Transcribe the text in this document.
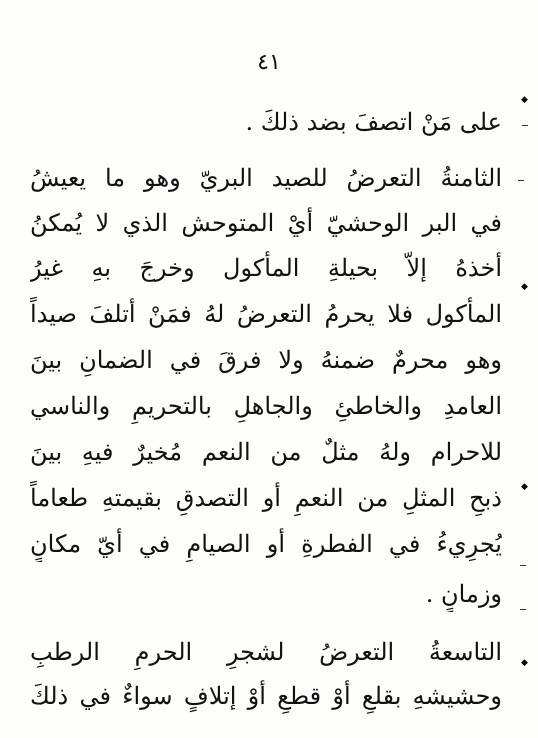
٤١
على مَنْ اتصفَ بضد ذلكَ .
الثامنةُ التعرضُ للصيد البريّ وهو ما يعيشُ
في البر الوحشيّ أيْ المتوحش الذي لا يُمكنُ
أخذهُ إلاّ بحيلةِ المأكول وخرجَ بهِ غيرُ
المأكول فلا يحرمُ التعرضُ لهُ فمَنْ أتلفَ صيداً
وهو محرمٌ ضمنهُ ولا فرقَ في الضمانِ بينَ
العامدِ والخاطئِ والجاهلِ بالتحريمِ والناسي
للاحرام ولهُ مثلٌ من النعم مُخيرٌ فيهِ بينَ
ذبحِ المثلِ من النعمِ أو التصدقِ بقيمتهِ طعاماً
يُجرِيءُ في الفطرةِ أو الصيامِ في أيّ مكانٍ
وزمانٍ .
التاسعةُ التعرضُ لشجرِ الحرمِ الرطبِ
وحشيشهِ بقلعٍ أوْ قطعٍ أوْ إتلافٍ سواءٌ في ذلكَ
◆
◆
◆
◆
